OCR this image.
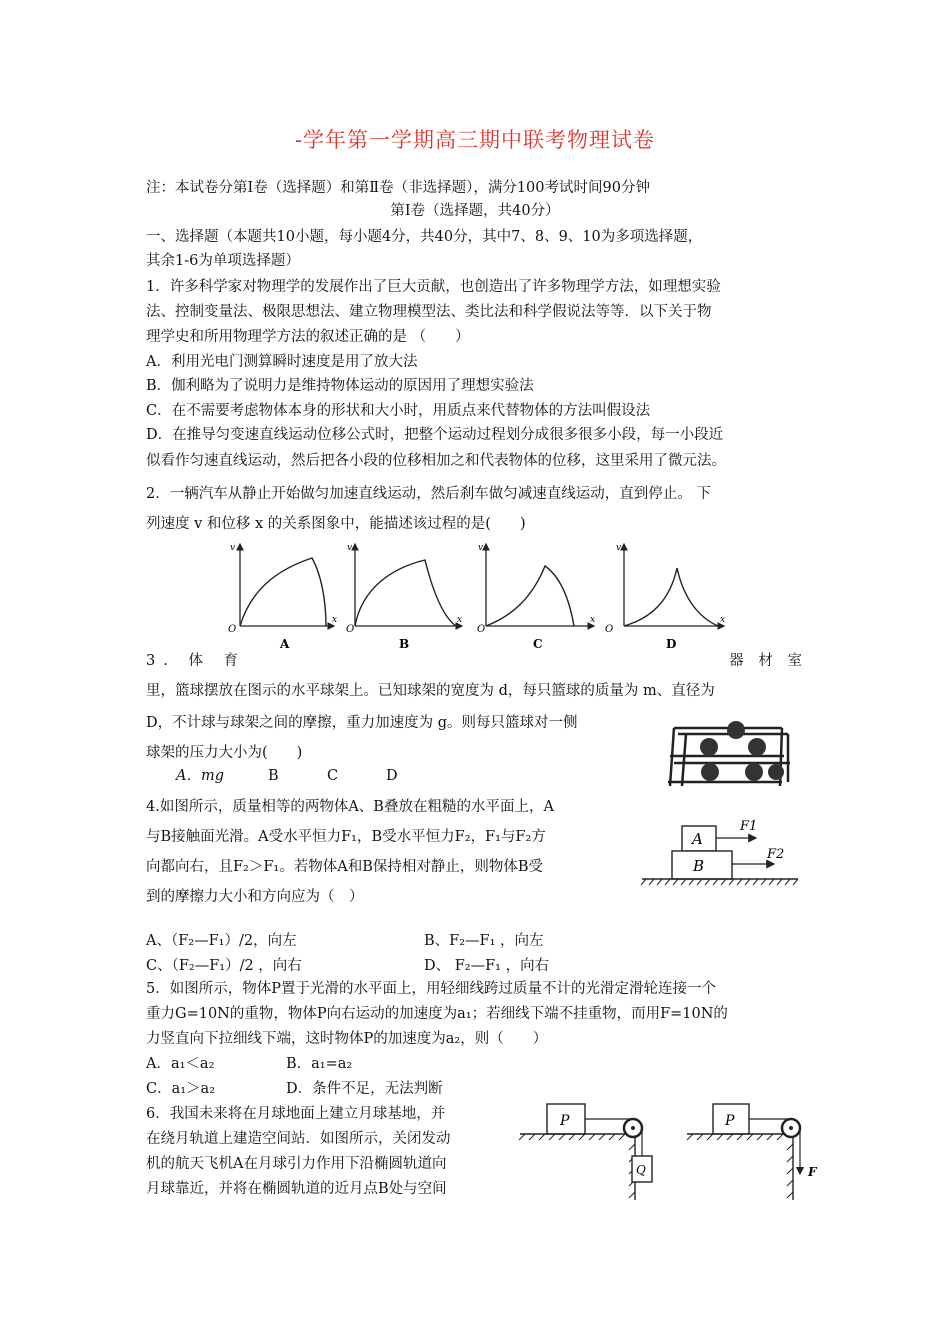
-学年第一学期高三期中联考物理试卷
注：本试卷分第Ⅰ卷（选择题）和第Ⅱ卷（非选择题），满分100考试时间90分钟
第Ⅰ卷（选择题，共40分）
一、选择题（本题共10小题，每小题4分，共40分，其中7、8、9、10为多项选择题，
其余1-6为单项选择题）
1．许多科学家对物理学的发展作出了巨大贡献，也创造出了许多物理学方法，如理想实验
法、控制变量法、极限思想法、建立物理模型法、类比法和科学假说法等等．以下关于物
理学史和所用物理学方法的叙述正确的是 （　　）
A．利用光电门测算瞬时速度是用了放大法
B．伽利略为了说明力是维持物体运动的原因用了理想实验法
C．在不需要考虑物体本身的形状和大小时，用质点来代替物体的方法叫假设法
D．在推导匀变速直线运动位移公式时，把整个运动过程划分成很多很多小段，每一小段近
似看作匀速直线运动，然后把各小段的位移相加之和代表物体的位移，这里采用了微元法。
2．一辆汽车从静止开始做匀加速直线运动，然后刹车做匀减速直线运动，直到停止。 下
列速度 v 和位移 x 的关系图象中，能描述该过程的是(　　)
v
x
O
A
v
x
O
B
v
x
O
C
v
x
O
D
3. 体 育	器 材 室
里，篮球摆放在图示的水平球架上。已知球架的宽度为 d，每只篮球的质量为 m、直径为
D，不计球与球架之间的摩擦，重力加速度为 g。则每只篮球对一侧
球架的压力大小为(　　)
A．mg	B	C	D
4.如图所示，质量相等的两物体A、B叠放在粗糙的水平面上，A
与B接触面光滑。A受水平恒力F₁，B受水平恒力F₂，F₁与F₂方
向都向右，且F₂＞F₁。若物体A和B保持相对静止，则物体B受
到的摩擦力大小和方向应为（　）
A、（F₂—F₁）/2，向左	B、F₂—F₁ ，向左
C、（F₂—F₁）/2 ，向右	D、 F₂—F₁ ，向右
A
B
F1
F2
5．如图所示，物体P置于光滑的水平面上，用轻细线跨过质量不计的光滑定滑轮连接一个
重力G=10N的重物，物体P向右运动的加速度为a₁；若细线下端不挂重物，而用F=10N的
力竖直向下拉细线下端，这时物体P的加速度为a₂，则（　　）
A．a₁＜a₂	B．a₁=a₂
C．a₁＞a₂	D．条件不足，无法判断
6．我国未来将在月球地面上建立月球基地，并
在绕月轨道上建造空间站．如图所示，关闭发动
机的航天飞机A在月球引力作用下沿椭圆轨道向
月球靠近，并将在椭圆轨道的近月点B处与空间
P
Q
P
F
